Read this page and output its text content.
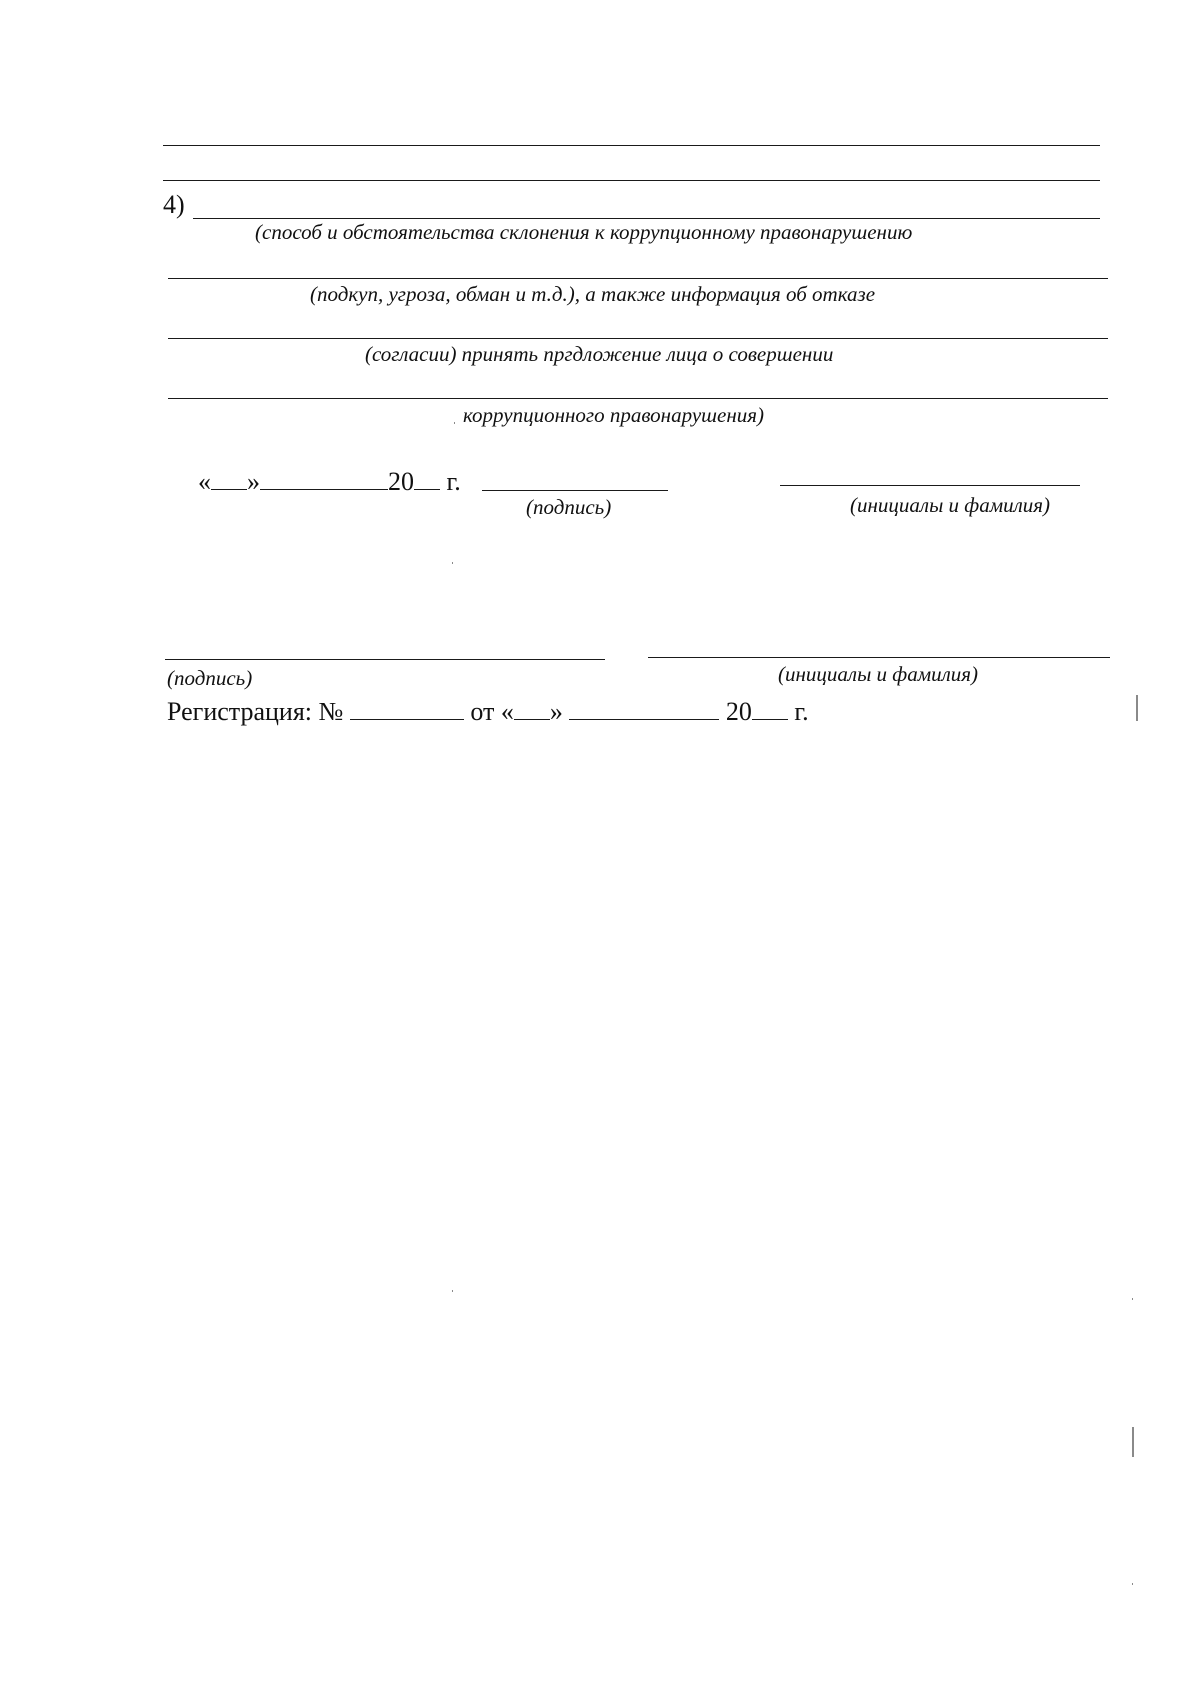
4)
(способ и обстоятельства склонения к коррупционному правонарушению
(подкуп, угроза, обман и т.д.), а также информация об отказе
(согласии) принять пргдложение лица о совершении
коррупционного правонарушения)
« »	20 г.
(подпись)	(инициалы и фамилия)
(подпись)	(инициалы и фамилия)
Регистрация: №	от « »	20 г.
